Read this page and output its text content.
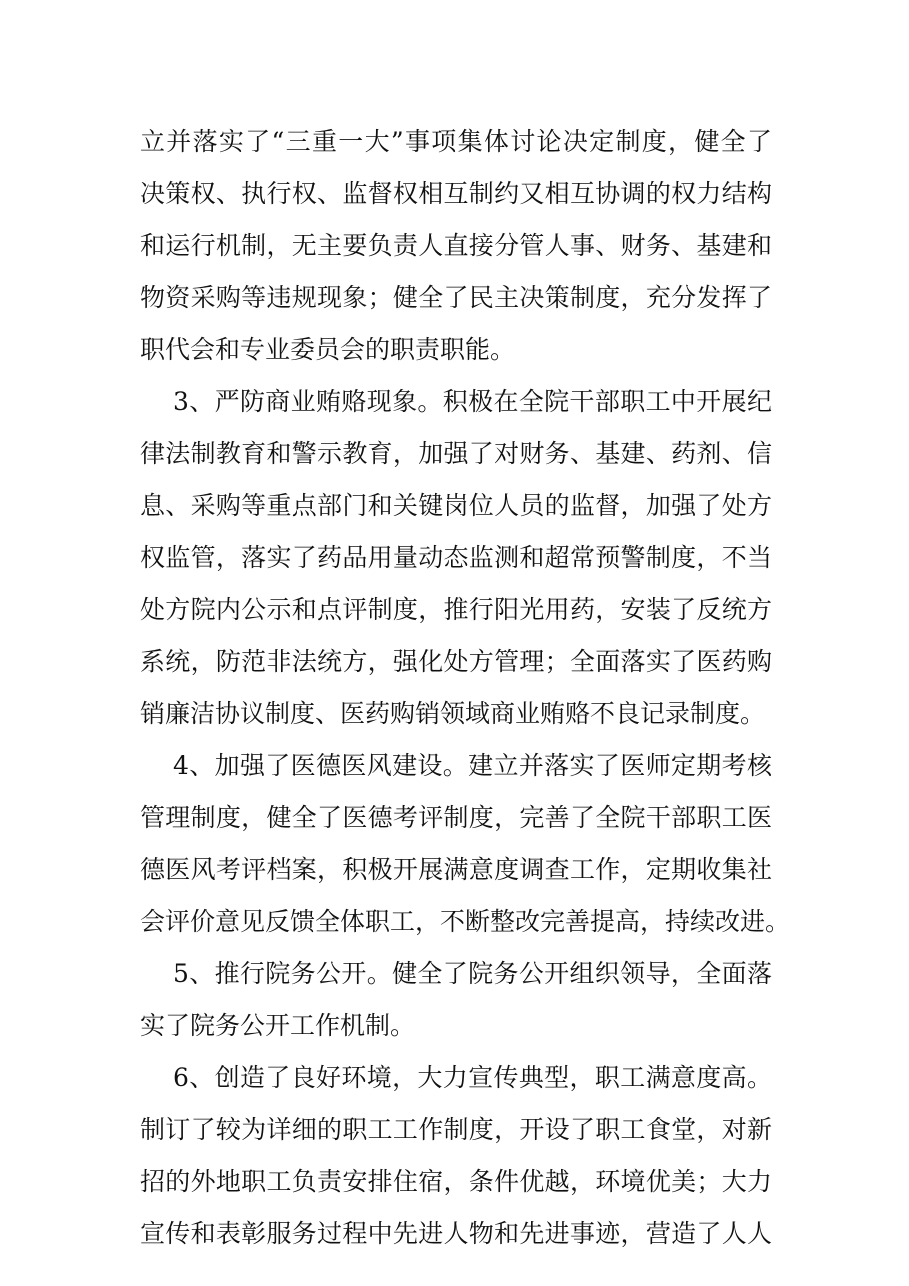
立并落实了“三重一大”事项集体讨论决定制度，健全了
决策权、执行权、监督权相互制约又相互协调的权力结构
和运行机制，无主要负责人直接分管人事、财务、基建和
物资采购等违规现象；健全了民主决策制度，充分发挥了
职代会和专业委员会的职责职能。
3、严防商业贿赂现象。积极在全院干部职工中开展纪
律法制教育和警示教育，加强了对财务、基建、药剂、信
息、采购等重点部门和关键岗位人员的监督，加强了处方
权监管，落实了药品用量动态监测和超常预警制度，不当
处方院内公示和点评制度，推行阳光用药，安装了反统方
系统，防范非法统方，强化处方管理；全面落实了医药购
销廉洁协议制度、医药购销领域商业贿赂不良记录制度。
4、加强了医德医风建设。建立并落实了医师定期考核
管理制度，健全了医德考评制度，完善了全院干部职工医
德医风考评档案，积极开展满意度调查工作，定期收集社
会评价意见反馈全体职工，不断整改完善提高，持续改进。
5、推行院务公开。健全了院务公开组织领导，全面落
实了院务公开工作机制。
6、创造了良好环境，大力宣传典型，职工满意度高。
制订了较为详细的职工工作制度，开设了职工食堂，对新
招的外地职工负责安排住宿，条件优越，环境优美；大力
宣传和表彰服务过程中先进人物和先进事迹，营造了人人
